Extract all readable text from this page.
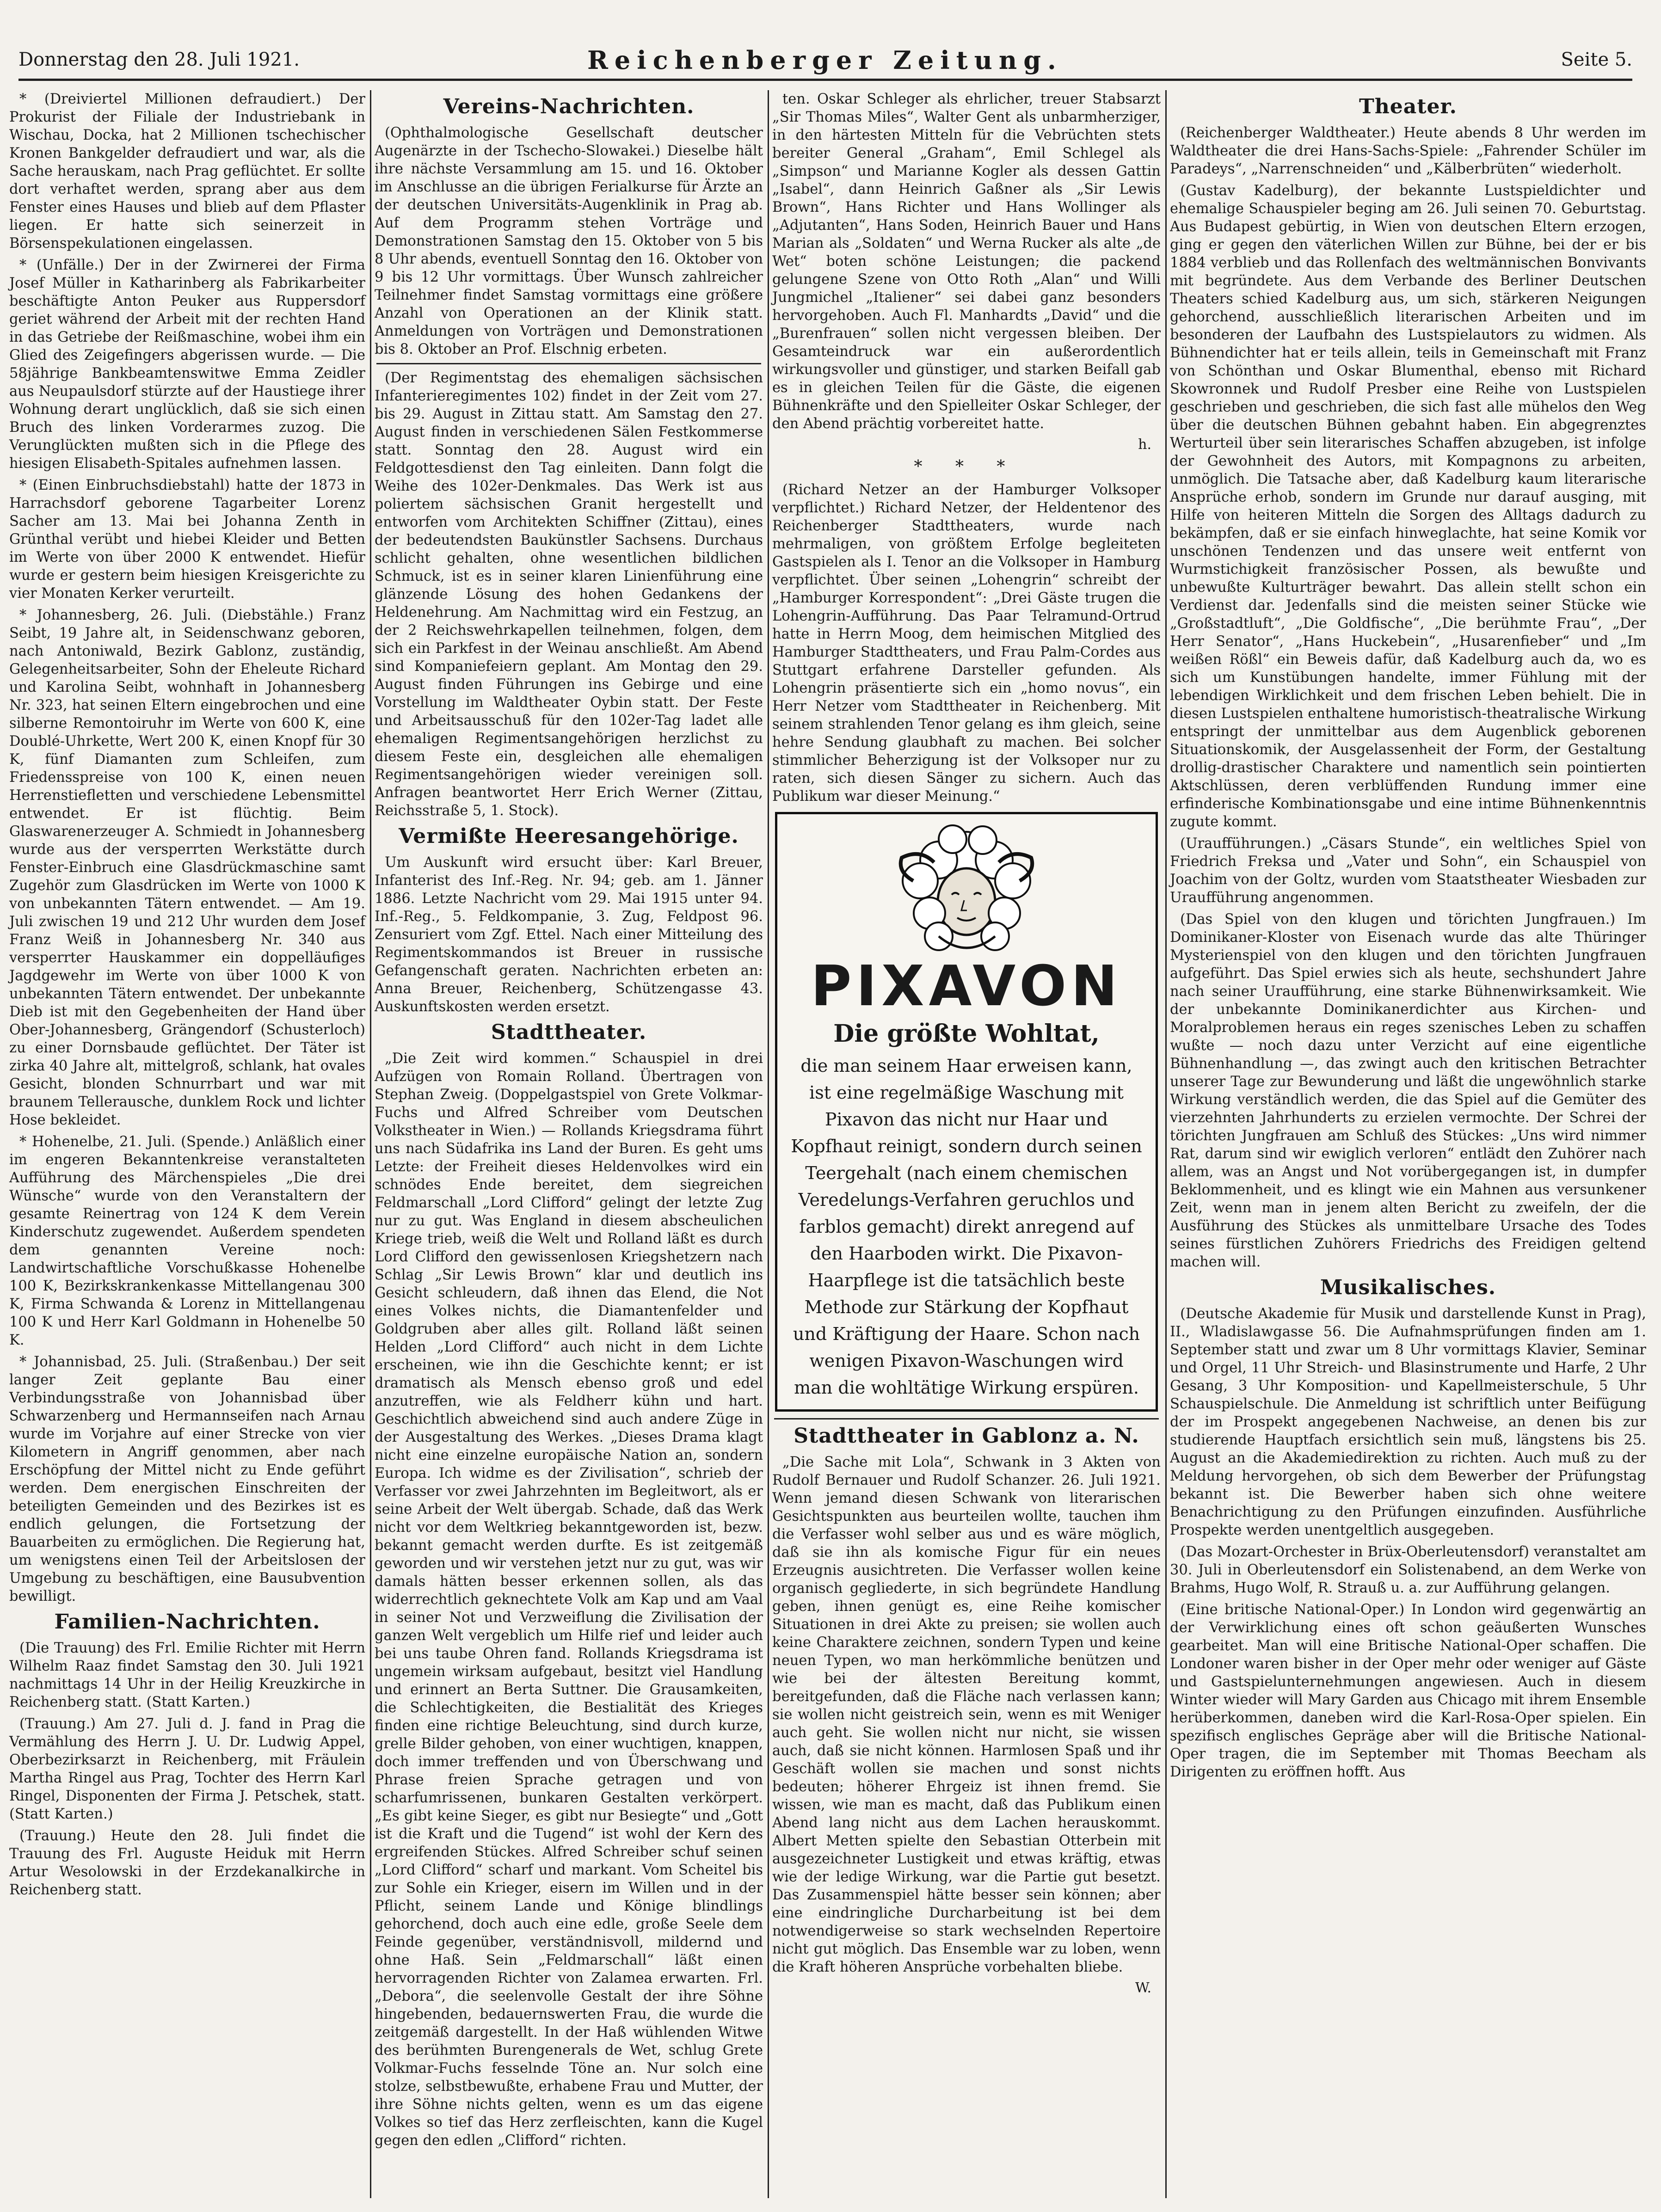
Donnerstag den 28. Juli 1921.	Reichenberger Zeitung.	Seite 5.
* (Dreiviertel Millionen defraudiert.) Der Prokurist der Filiale der Industriebank in Wischau, Docka, hat 2 Millionen tschechischer Kronen Bankgelder defraudiert und war, als die Sache herauskam, nach Prag geflüchtet. Er sollte dort verhaftet werden, sprang aber aus dem Fenster eines Hauses und blieb auf dem Pflaster liegen. Er hatte sich seinerzeit in Börsenspekulationen eingelassen.
* (Unfälle.) Der in der Zwirnerei der Firma Josef Müller in Katharinberg als Fabrikarbeiter beschäftigte Anton Peuker aus Ruppersdorf geriet während der Arbeit mit der rechten Hand in das Getriebe der Reißmaschine, wobei ihm ein Glied des Zeigefingers abgerissen wurde. — Die 58jährige Bankbeamtenswitwe Emma Zeidler aus Neupaulsdorf stürzte auf der Haustiege ihrer Wohnung derart unglücklich, daß sie sich einen Bruch des linken Vorderarmes zuzog. Die Verunglückten mußten sich in die Pflege des hiesigen Elisabeth-Spitales aufnehmen lassen.
* (Einen Einbruchsdiebstahl) hatte der 1873 in Harrachsdorf geborene Tagarbeiter Lorenz Sacher am 13. Mai bei Johanna Zenth in Grünthal verübt und hiebei Kleider und Betten im Werte von über 2000 K entwendet. Hiefür wurde er gestern beim hiesigen Kreisgerichte zu vier Monaten Kerker verurteilt.
* Johannesberg, 26. Juli. (Diebstähle.) Franz Seibt, 19 Jahre alt, in Seidenschwanz geboren, nach Antoniwald, Bezirk Gablonz, zuständig, Gelegenheitsarbeiter, Sohn der Eheleute Richard und Karolina Seibt, wohnhaft in Johannesberg Nr. 323, hat seinen Eltern eingebrochen und eine silberne Remontoiruhr im Werte von 600 K, eine Doublé-Uhrkette, Wert 200 K, einen Knopf für 30 K, fünf Diamanten zum Schleifen, zum Friedensspreise von 100 K, einen neuen Herrenstiefletten und verschiedene Lebensmittel entwendet. Er ist flüchtig. Beim Glaswarenerzeuger A. Schmiedt in Johannesberg wurde aus der versperrten Werkstätte durch Fenster-Einbruch eine Glasdrückmaschine samt Zugehör zum Glasdrücken im Werte von 1000 K von unbekannten Tätern entwendet. — Am 19. Juli zwischen 19 und 212 Uhr wurden dem Josef Franz Weiß in Johannesberg Nr. 340 aus versperrter Hauskammer ein doppelläufiges Jagdgewehr im Werte von über 1000 K von unbekannten Tätern entwendet. Der unbekannte Dieb ist mit den Gegebenheiten der Hand über Ober-Johannesberg, Grängendorf (Schusterloch) zu einer Dornsbaude geflüchtet. Der Täter ist zirka 40 Jahre alt, mittelgroß, schlank, hat ovales Gesicht, blonden Schnurrbart und war mit braunem Tellerausche, dunklem Rock und lichter Hose bekleidet.
* Hohenelbe, 21. Juli. (Spende.) Anläßlich einer im engeren Bekanntenkreise veranstalteten Aufführung des Märchenspieles „Die drei Wünsche“ wurde von den Veranstaltern der gesamte Reinertrag von 124 K dem Verein Kinderschutz zugewendet. Außerdem spendeten dem genannten Vereine noch: Landwirtschaftliche Vorschußkasse Hohenelbe 100 K, Bezirkskrankenkasse Mittellangenau 300 K, Firma Schwanda & Lorenz in Mittellangenau 100 K und Herr Karl Goldmann in Hohenelbe 50 K.
* Johannisbad, 25. Juli. (Straßenbau.) Der seit langer Zeit geplante Bau einer Verbindungsstraße von Johannisbad über Schwarzenberg und Hermannseifen nach Arnau wurde im Vorjahre auf einer Strecke von vier Kilometern in Angriff genommen, aber nach Erschöpfung der Mittel nicht zu Ende geführt werden. Dem energischen Einschreiten der beteiligten Gemeinden und des Bezirkes ist es endlich gelungen, die Fortsetzung der Bauarbeiten zu ermöglichen. Die Regierung hat, um wenigstens einen Teil der Arbeitslosen der Umgebung zu beschäftigen, eine Bausubvention bewilligt.
Familien-Nachrichten.
(Die Trauung) des Frl. Emilie Richter mit Herrn Wilhelm Raaz findet Samstag den 30. Juli 1921 nachmittags 14 Uhr in der Heilig Kreuzkirche in Reichenberg statt. (Statt Karten.)
(Trauung.) Am 27. Juli d. J. fand in Prag die Vermählung des Herrn J. U. Dr. Ludwig Appel, Oberbezirksarzt in Reichenberg, mit Fräulein Martha Ringel aus Prag, Tochter des Herrn Karl Ringel, Disponenten der Firma J. Petschek, statt. (Statt Karten.)
(Trauung.) Heute den 28. Juli findet die Trauung des Frl. Auguste Heiduk mit Herrn Artur Wesolowski in der Erzdekanalkirche in Reichenberg statt.
Vereins-Nachrichten.
(Ophthalmologische Gesellschaft deutscher Augenärzte in der Tschecho-Slowakei.) Dieselbe hält ihre nächste Versammlung am 15. und 16. Oktober im Anschlusse an die übrigen Ferialkurse für Ärzte an der deutschen Universitäts-Augenklinik in Prag ab. Auf dem Programm stehen Vorträge und Demonstrationen Samstag den 15. Oktober von 5 bis 8 Uhr abends, eventuell Sonntag den 16. Oktober von 9 bis 12 Uhr vormittags. Über Wunsch zahlreicher Teilnehmer findet Samstag vormittags eine größere Anzahl von Operationen an der Klinik statt. Anmeldungen von Vorträgen und Demonstrationen bis 8. Oktober an Prof. Elschnig erbeten.
(Der Regimentstag des ehemaligen sächsischen Infanterieregimentes 102) findet in der Zeit vom 27. bis 29. August in Zittau statt. Am Samstag den 27. August finden in verschiedenen Sälen Festkommerse statt. Sonntag den 28. August wird ein Feldgottesdienst den Tag einleiten. Dann folgt die Weihe des 102er-Denkmales. Das Werk ist aus poliertem sächsischen Granit hergestellt und entworfen vom Architekten Schiffner (Zittau), eines der bedeutendsten Baukünstler Sachsens. Durchaus schlicht gehalten, ohne wesentlichen bildlichen Schmuck, ist es in seiner klaren Linienführung eine glänzende Lösung des hohen Gedankens der Heldenehrung. Am Nachmittag wird ein Festzug, an der 2 Reichswehrkapellen teilnehmen, folgen, dem sich ein Parkfest in der Weinau anschließt. Am Abend sind Kompaniefeiern geplant. Am Montag den 29. August finden Führungen ins Gebirge und eine Vorstellung im Waldtheater Oybin statt. Der Feste und Arbeitsausschuß für den 102er-Tag ladet alle ehemaligen Regimentsangehörigen herzlichst zu diesem Feste ein, desgleichen alle ehemaligen Regimentsangehörigen wieder vereinigen soll. Anfragen beantwortet Herr Erich Werner (Zittau, Reichsstraße 5, 1. Stock).
Vermißte Heeresangehörige.
Um Auskunft wird ersucht über: Karl Breuer, Infanterist des Inf.-Reg. Nr. 94; geb. am 1. Jänner 1886. Letzte Nachricht vom 29. Mai 1915 unter 94. Inf.-Reg., 5. Feldkompanie, 3. Zug, Feldpost 96. Zensuriert vom Zgf. Ettel. Nach einer Mitteilung des Regimentskommandos ist Breuer in russische Gefangenschaft geraten. Nachrichten erbeten an: Anna Breuer, Reichenberg, Schützengasse 43. Auskunftskosten werden ersetzt.
Stadttheater.
„Die Zeit wird kommen.“ Schauspiel in drei Aufzügen von Romain Rolland. Übertragen von Stephan Zweig. (Doppelgastspiel von Grete Volkmar-Fuchs und Alfred Schreiber vom Deutschen Volkstheater in Wien.) — Rollands Kriegsdrama führt uns nach Südafrika ins Land der Buren. Es geht ums Letzte: der Freiheit dieses Heldenvolkes wird ein schnödes Ende bereitet, dem siegreichen Feldmarschall „Lord Clifford“ gelingt der letzte Zug nur zu gut. Was England in diesem abscheulichen Kriege trieb, weiß die Welt und Rolland läßt es durch Lord Clifford den gewissenlosen Kriegshetzern nach Schlag „Sir Lewis Brown“ klar und deutlich ins Gesicht schleudern, daß ihnen das Elend, die Not eines Volkes nichts, die Diamantenfelder und Goldgruben aber alles gilt. Rolland läßt seinen Helden „Lord Clifford“ auch nicht in dem Lichte erscheinen, wie ihn die Geschichte kennt; er ist dramatisch als Mensch ebenso groß und edel anzutreffen, wie als Feldherr kühn und hart. Geschichtlich abweichend sind auch andere Züge in der Ausgestaltung des Werkes. „Dieses Drama klagt nicht eine einzelne europäische Nation an, sondern Europa. Ich widme es der Zivilisation“, schrieb der Verfasser vor zwei Jahrzehnten im Begleitwort, als er seine Arbeit der Welt übergab. Schade, daß das Werk nicht vor dem Weltkrieg bekanntgeworden ist, bezw. bekannt gemacht werden durfte. Es ist zeitgemäß geworden und wir verstehen jetzt nur zu gut, was wir damals hätten besser erkennen sollen, als das widerrechtlich geknechtete Volk am Kap und am Vaal in seiner Not und Verzweiflung die Zivilisation der ganzen Welt vergeblich um Hilfe rief und leider auch bei uns taube Ohren fand. Rollands Kriegsdrama ist ungemein wirksam aufgebaut, besitzt viel Handlung und erinnert an Berta Suttner. Die Grausamkeiten, die Schlechtigkeiten, die Bestialität des Krieges finden eine richtige Beleuchtung, sind durch kurze, grelle Bilder gehoben, von einer wuchtigen, knappen, doch immer treffenden und von Überschwang und Phrase freien Sprache getragen und von scharfumrissenen, bunkaren Gestalten verkörpert. „Es gibt keine Sieger, es gibt nur Besiegte“ und „Gott ist die Kraft und die Tugend“ ist wohl der Kern des ergreifenden Stückes. Alfred Schreiber schuf seinen „Lord Clifford“ scharf und markant. Vom Scheitel bis zur Sohle ein Krieger, eisern im Willen und in der Pflicht, seinem Lande und Könige blindlings gehorchend, doch auch eine edle, große Seele dem Feinde gegenüber, verständnisvoll, mildernd und ohne Haß. Sein „Feldmarschall“ läßt einen hervorragenden Richter von Zalamea erwarten. Frl. „Debora“, die seelenvolle Gestalt der ihre Söhne hingebenden, bedauernswerten Frau, die wurde die zeitgemäß dargestellt. In der Haß wühlenden Witwe des berühmten Burengenerals de Wet, schlug Grete Volkmar-Fuchs fesselnde Töne an. Nur solch eine stolze, selbstbewußte, erhabene Frau und Mutter, der ihre Söhne nichts gelten, wenn es um das eigene Volkes so tief das Herz zerfleischten, kann die Kugel gegen den edlen „Clifford“ richten.
ten. Oskar Schleger als ehrlicher, treuer Stabsarzt „Sir Thomas Miles“, Walter Gent als unbarmherziger, in den härtesten Mitteln für die Vebrüchten stets bereiter General „Graham“, Emil Schlegel als „Simpson“ und Marianne Kogler als dessen Gattin „Isabel“, dann Heinrich Gaßner als „Sir Lewis Brown“, Hans Richter und Hans Wollinger als „Adjutanten“, Hans Soden, Heinrich Bauer und Hans Marian als „Soldaten“ und Werna Rucker als alte „de Wet“ boten schöne Leistungen; die packend gelungene Szene von Otto Roth „Alan“ und Willi Jungmichel „Italiener“ sei dabei ganz besonders hervorgehoben. Auch Fl. Manhardts „David“ und die „Burenfrauen“ sollen nicht vergessen bleiben. Der Gesamteindruck war ein außerordentlich wirkungsvoller und günstiger, und starken Beifall gab es in gleichen Teilen für die Gäste, die eigenen Bühnenkräfte und den Spielleiter Oskar Schleger, der den Abend prächtig vorbereitet hatte.
h.
* * *
(Richard Netzer an der Hamburger Volksoper verpflichtet.) Richard Netzer, der Heldentenor des Reichenberger Stadttheaters, wurde nach mehrmaligen, von größtem Erfolge begleiteten Gastspielen als I. Tenor an die Volksoper in Hamburg verpflichtet. Über seinen „Lohengrin“ schreibt der „Hamburger Korrespondent“: „Drei Gäste trugen die Lohengrin-Aufführung. Das Paar Telramund-Ortrud hatte in Herrn Moog, dem heimischen Mitglied des Hamburger Stadttheaters, und Frau Palm-Cordes aus Stuttgart erfahrene Darsteller gefunden. Als Lohengrin präsentierte sich ein „homo novus“, ein Herr Netzer vom Stadttheater in Reichenberg. Mit seinem strahlenden Tenor gelang es ihm gleich, seine hehre Sendung glaubhaft zu machen. Bei solcher stimmlicher Beherzigung ist der Volksoper nur zu raten, sich diesen Sänger zu sichern. Auch das Publikum war dieser Meinung.“
PIXAVON
Die größte Wohltat,
die man seinem Haar erweisen kann, ist eine regelmäßige Waschung mit Pixavon das nicht nur Haar und Kopfhaut reinigt, sondern durch seinen Teergehalt (nach einem chemischen Veredelungs-Verfahren geruchlos und farblos gemacht) direkt anregend auf den Haarboden wirkt. Die Pixavon-Haarpflege ist die tatsächlich beste Methode zur Stärkung der Kopfhaut und Kräftigung der Haare. Schon nach wenigen Pixavon-Waschungen wird man die wohltätige Wirkung erspüren.
Stadttheater in Gablonz a. N.
„Die Sache mit Lola“, Schwank in 3 Akten von Rudolf Bernauer und Rudolf Schanzer. 26. Juli 1921. Wenn jemand diesen Schwank von literarischen Gesichtspunkten aus beurteilen wollte, tauchen ihm die Verfasser wohl selber aus und es wäre möglich, daß sie ihn als komische Figur für ein neues Erzeugnis ausichtreten. Die Verfasser wollen keine organisch gegliederte, in sich begründete Handlung geben, ihnen genügt es, eine Reihe komischer Situationen in drei Akte zu preisen; sie wollen auch keine Charaktere zeichnen, sondern Typen und keine neuen Typen, wo man herkömmliche benützen und wie bei der ältesten Bereitung kommt, bereitgefunden, daß die Fläche nach verlassen kann; sie wollen nicht geistreich sein, wenn es mit Weniger auch geht. Sie wollen nicht nur nicht, sie wissen auch, daß sie nicht können. Harmlosen Spaß und ihr Geschäft wollen sie machen und sonst nichts bedeuten; höherer Ehrgeiz ist ihnen fremd. Sie wissen, wie man es macht, daß das Publikum einen Abend lang nicht aus dem Lachen herauskommt. Albert Metten spielte den Sebastian Otterbein mit ausgezeichneter Lustigkeit und etwas kräftig, etwas wie der ledige Wirkung, war die Partie gut besetzt. Das Zusammenspiel hätte besser sein können; aber eine eindringliche Durcharbeitung ist bei dem notwendigerweise so stark wechselnden Repertoire nicht gut möglich. Das Ensemble war zu loben, wenn die Kraft höheren Ansprüche vorbehalten bliebe.
W.
Theater.
(Reichenberger Waldtheater.) Heute abends 8 Uhr werden im Waldtheater die drei Hans-Sachs-Spiele: „Fahrender Schüler im Paradeys“, „Narrenschneiden“ und „Kälberbrüten“ wiederholt.
(Gustav Kadelburg), der bekannte Lustspieldichter und ehemalige Schauspieler beging am 26. Juli seinen 70. Geburtstag. Aus Budapest gebürtig, in Wien von deutschen Eltern erzogen, ging er gegen den väterlichen Willen zur Bühne, bei der er bis 1884 verblieb und das Rollenfach des weltmännischen Bonvivants mit begründete. Aus dem Verbande des Berliner Deutschen Theaters schied Kadelburg aus, um sich, stärkeren Neigungen gehorchend, ausschließlich literarischen Arbeiten und im besonderen der Laufbahn des Lustspielautors zu widmen. Als Bühnendichter hat er teils allein, teils in Gemeinschaft mit Franz von Schönthan und Oskar Blumenthal, ebenso mit Richard Skowronnek und Rudolf Presber eine Reihe von Lustspielen geschrieben und geschrieben, die sich fast alle mühelos den Weg über die deutschen Bühnen gebahnt haben. Ein abgegrenztes Werturteil über sein literarisches Schaffen abzugeben, ist infolge der Gewohnheit des Autors, mit Kompagnons zu arbeiten, unmöglich. Die Tatsache aber, daß Kadelburg kaum literarische Ansprüche erhob, sondern im Grunde nur darauf ausging, mit Hilfe von heiteren Mitteln die Sorgen des Alltags dadurch zu bekämpfen, daß er sie einfach hinweglachte, hat seine Komik vor unschönen Tendenzen und das unsere weit entfernt von Wurmstichigkeit französischer Possen, als bewußte und unbewußte Kulturträger bewahrt. Das allein stellt schon ein Verdienst dar. Jedenfalls sind die meisten seiner Stücke wie „Großstadtluft“, „Die Goldfische“, „Die berühmte Frau“, „Der Herr Senator“, „Hans Huckebein“, „Husarenfieber“ und „Im weißen Rößl“ ein Beweis dafür, daß Kadelburg auch da, wo es sich um Kunstübungen handelte, immer Fühlung mit der lebendigen Wirklichkeit und dem frischen Leben behielt. Die in diesen Lustspielen enthaltene humoristisch-theatralische Wirkung entspringt der unmittelbar aus dem Augenblick geborenen Situationskomik, der Ausgelassenheit der Form, der Gestaltung drollig-drastischer Charaktere und namentlich sein pointierten Aktschlüssen, deren verblüffenden Rundung immer eine erfinderische Kombinationsgabe und eine intime Bühnenkenntnis zugute kommt.
(Uraufführungen.) „Cäsars Stunde“, ein weltliches Spiel von Friedrich Freksa und „Vater und Sohn“, ein Schauspiel von Joachim von der Goltz, wurden vom Staatstheater Wiesbaden zur Uraufführung angenommen.
(Das Spiel von den klugen und törichten Jungfrauen.) Im Dominikaner-Kloster von Eisenach wurde das alte Thüringer Mysterienspiel von den klugen und den törichten Jungfrauen aufgeführt. Das Spiel erwies sich als heute, sechshundert Jahre nach seiner Uraufführung, eine starke Bühnenwirksamkeit. Wie der unbekannte Dominikanerdichter aus Kirchen- und Moralproblemen heraus ein reges szenisches Leben zu schaffen wußte — noch dazu unter Verzicht auf eine eigentliche Bühnenhandlung —, das zwingt auch den kritischen Betrachter unserer Tage zur Bewunderung und läßt die ungewöhnlich starke Wirkung verständlich werden, die das Spiel auf die Gemüter des vierzehnten Jahrhunderts zu erzielen vermochte. Der Schrei der törichten Jungfrauen am Schluß des Stückes: „Uns wird nimmer Rat, darum sind wir ewiglich verloren“ entlädt den Zuhörer nach allem, was an Angst und Not vorübergegangen ist, in dumpfer Beklommenheit, und es klingt wie ein Mahnen aus versunkener Zeit, wenn man in jenem alten Bericht zu zweifeln, der die Ausführung des Stückes als unmittelbare Ursache des Todes seines fürstlichen Zuhörers Friedrichs des Freidigen geltend machen will.
Musikalisches.
(Deutsche Akademie für Musik und darstellende Kunst in Prag), II., Wladislawgasse 56. Die Aufnahmsprüfungen finden am 1. September statt und zwar um 8 Uhr vormittags Klavier, Seminar und Orgel, 11 Uhr Streich- und Blasinstrumente und Harfe, 2 Uhr Gesang, 3 Uhr Komposition- und Kapellmeisterschule, 5 Uhr Schauspielschule. Die Anmeldung ist schriftlich unter Beifügung der im Prospekt angegebenen Nachweise, an denen bis zur studierende Hauptfach ersichtlich sein muß, längstens bis 25. August an die Akademiedirektion zu richten. Auch muß zu der Meldung hervorgehen, ob sich dem Bewerber der Prüfungstag bekannt ist. Die Bewerber haben sich ohne weitere Benachrichtigung zu den Prüfungen einzufinden. Ausführliche Prospekte werden unentgeltlich ausgegeben.
(Das Mozart-Orchester in Brüx-Oberleutensdorf) veranstaltet am 30. Juli in Oberleutensdorf ein Solistenabend, an dem Werke von Brahms, Hugo Wolf, R. Strauß u. a. zur Aufführung gelangen.
(Eine britische National-Oper.) In London wird gegenwärtig an der Verwirklichung eines oft schon geäußerten Wunsches gearbeitet. Man will eine Britische National-Oper schaffen. Die Londoner waren bisher in der Oper mehr oder weniger auf Gäste und Gastspielunternehmungen angewiesen. Auch in diesem Winter wieder will Mary Garden aus Chicago mit ihrem Ensemble herüberkommen, daneben wird die Karl-Rosa-Oper spielen. Ein spezifisch englisches Gepräge aber will die Britische National-Oper tragen, die im September mit Thomas Beecham als Dirigenten zu eröffnen hofft. Aus
